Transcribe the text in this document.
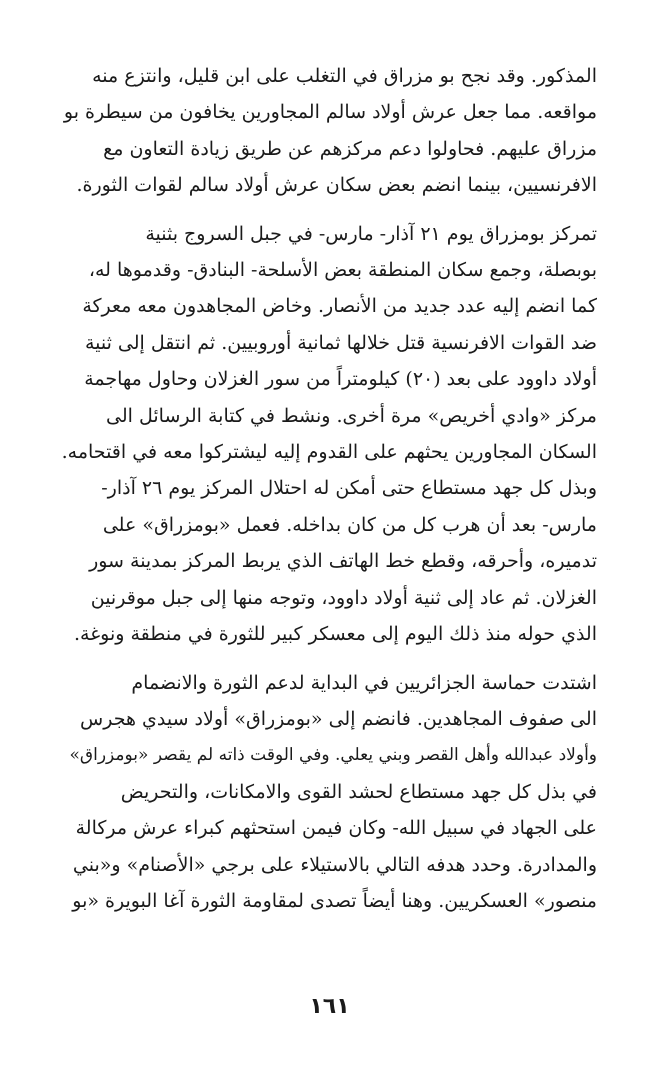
المذكور. وقد نجح بو مزراق في التغلب على ابن قليل، وانتزع منه
مواقعه. مما جعل عرش أولاد سالم المجاورين يخافون من سيطرة بو
مزراق عليهم. فحاولوا دعم مركزهم عن طريق زيادة التعاون مع
الافرنسيين، بينما انضم بعض سكان عرش أولاد سالم لقوات الثورة.
تمركز بومزراق يوم ٢١ آذار- مارس- في جبل السروج بثنية
بوبصلة، وجمع سكان المنطقة بعض الأسلحة- البنادق- وقدموها له،
كما انضم إليه عدد جديد من الأنصار. وخاض المجاهدون معه معركة
ضد القوات الافرنسية قتل خلالها ثمانية أوروبيين. ثم انتقل إلى ثنية
أولاد داوود على بعد (٢٠) كيلومتراً من سور الغزلان وحاول مهاجمة
مركز «وادي أخريص» مرة أخرى. ونشط في كتابة الرسائل الى
السكان المجاورين يحثهم على القدوم إليه ليشتركوا معه في اقتحامه.
وبذل كل جهد مستطاع حتى أمكن له احتلال المركز يوم ٢٦ آذار-
مارس- بعد أن هرب كل من كان بداخله. فعمل «بومزراق» على
تدميره، وأحرقه، وقطع خط الهاتف الذي يربط المركز بمدينة سور
الغزلان. ثم عاد إلى ثنية أولاد داوود، وتوجه منها إلى جبل موقرنين
الذي حوله منذ ذلك اليوم إلى معسكر كبير للثورة في منطقة ونوغة.
اشتدت حماسة الجزائريين في البداية لدعم الثورة والانضمام
الى صفوف المجاهدين. فانضم إلى «بومزراق» أولاد سيدي هجرس
وأولاد عبدالله وأهل القصر وبني يعلي. وفي الوقت ذاته لم يقصر «بومزراق»
في بذل كل جهد مستطاع لحشد القوى والامكانات، والتحريض
على الجهاد في سبيل الله- وكان فيمن استحثهم كبراء عرش مركالة
والمدادرة. وحدد هدفه التالي بالاستيلاء على برجي «الأصنام» و«بني
منصور» العسكريين. وهنا أيضاً تصدى لمقاومة الثورة آغا البويرة «بو
١٦١
